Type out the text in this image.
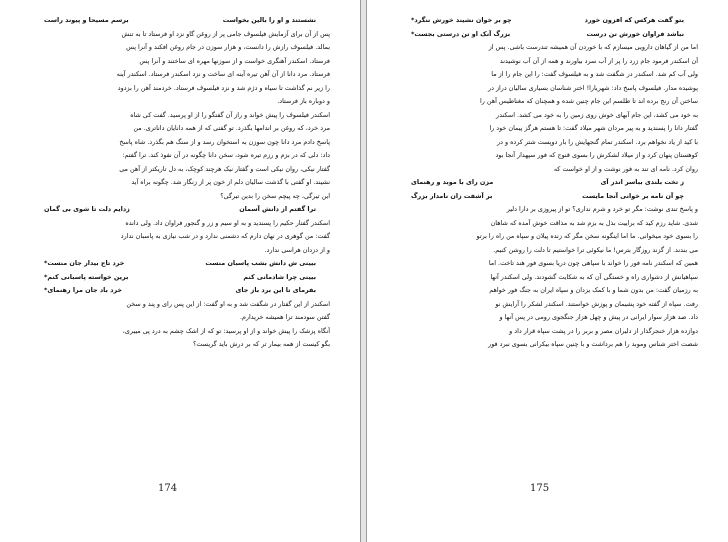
نشستند و او را بالین بخواست
برسم مسیحا و پیوند راست
پس از آن برای آزمایش فیلسوف جامی پر از روغن گاو نزد او فرستاد تا به تنش
بمالد. فیلسوف رازش را دانست، و هزار سوزن در جام روغن افکند و آنرا پس
فرستاد. اسکندر آهنگری خواست و از سوزنها مهره ای ساختند و آنرا پس
فرستاد. مرد دانا از آن آهن تیره آینه ای ساخت و نزد اسکندر فرستاد. اسکندر آینه
را زیر نم گذاشت تا سیاه و دژم شد و نزد فیلسوف فرستاد. خردمند آهن را بزدود
و دوباره باز فرستاد.
اسکندر فیلسوف را پیش خواند و راز آن گفتگو را از او پرسید. گفت کی شاه
مرد خرد، که روغن بر اندامها بگذرد. تو گفتی که از همه دانایان داناتری. من
پاسخ دادم مرد دانا چون سوزن به استخوان رسد و از سنگ هم بگذرد. شاه پاسخ
داد: دلی که در بزم و رزم تیره شود، سخن دانا چگونه در آن نفوذ کند. ترا گفتم:
گفتار نیکی، روان نیکی است و گفتار نیک هرچند کوچک، به دل تاریکتر از آهن می
نشیند. او گفتی با گذشت سالیان دلم از خون پر از زنگار شد. چگونه براه آید
این تیرگی، چه پیچم سخن را بدین تیرگی؟
ترا گفتم از دانش آسمان
زدایم دلت تا شوی بی گمان
اسکندر گفتار حکیم را پسندید و به او سیم و زر و گنجور فراوان داد. ولی دانده
گفت: من گوهری در نهان دارم که دشمنی ندارد و در شب نیازی به پاسبان ندارد
و از دزدان هراسی ندارد.
بیینی ش دانش بشب پاسبان منست
خرد تاج بیدار جان منست*
بیینی چرا شادمانی کنم
برین خواسته پاسبانی کنم*
بفرمای تا این برد باز جای
خرد باد جان مرا رهنمای*
اسکندر از این گفتار در شگفت شد و به او گفت: از این پس رای و پند و سخن
گفتن سودمند ترا همیشه خریدارم.
آنگاه پزشک را پیش خواند و از او پرسید: تو که از اشک چشم به درد پی میبری،
بگو کیست از همه بیمار تر که بر درش باید گریست؟
174
بتو گفت هرکس که افزون خورد
چو بر خوان نشیند خورش ننگرد*
نباشد فراوان خورش تن درست
بزرگ آنک او تن درستی بجست*
اما من از گیاهان دارویی میسازم که با خوردن آن همیشه تندرست باشی. پس از
آن اسکندر فرمود جام زرد را پر از آب سرد بیاورند و همه از آن آب نوشیدند
ولی آب کم شد. اسکندر در شگفت شد و به فیلسوف گفت: را این جام را از ما
پوشیده مدار. فیلسوف پاسخ داد: شهریارا! اختر شناسان بسیاری سالیان دراز در
ساختن آن رنج برده اند تا طلسم این جام چنین شده و همچنان که مغناطیس آهن را
به خود می کشد، این جام آبهای خوش روی زمین را به خود می کشد. اسکندر
گفتار دانا را پسندید و به پیر مردان شهر میلاد گفت: تا هستم هرگز پیمان خود را
با کید از یاد نخواهم برد. اسکندر تمام گنجهایش را بار دوپست شتر کرده و در
کوهستان پنهان کرد و از میلاد لشکرش را بسوی قنوج که فور سپهدار آنجا بود
روان کرد. نامه ای تند به فور نوشت و از او خواست که
ز تخت بلندی بباسر اندر آی
مزن رای با موبد و رهنمای
چو آن نامه بر خوانی آنجا مایست
بر آشفت زان نامدار بزرگ
و پاسخ تندی نوشت: مگر تو خرد و شرم نداری؟ تو از پیروزی بر دارا دلیر
شدی. شاید رزم کید که براییت بذل به بزم شد به مذاقت خوش آمده که شاهان
را بسوی خود میخوانی. ما اما اینگونه سخن مگر که زنده پیلان و سپاه من راه را برتو
می بندند. از گزند روزگار بترس! ما نیکوئی ترا خواستیم تا دلت را روشن کنیم.
همین که اسکندر نامه فور را خواند با سپاهی چون دریا بسوی فور هند تاخت. اما
سپاهیانش از دشواری راه و خستگی آن که به شکایت گشودند. ولی اسکندر آنها
به رزمیان گفت: من بدون شما و با کمک یزدان و سپاه ایران به جنگ فور خواهم
رفت. سپاه از گفته خود پشیمان و پوزش خواستند. اسکندر لشکر را آرایش نو
داد. صد هزار سوار ایرانی در پیش و چهل هزار جنگجوی رومی در پس آنها و
دوازده هزار خنجرگذار از دلیران مصر و بربر را در پشت سپاه قرار داد و
شصت اختر شناس وموبد را هم برداشت و با چنین سپاه بیکرانی بسوی نبرد فور
175
